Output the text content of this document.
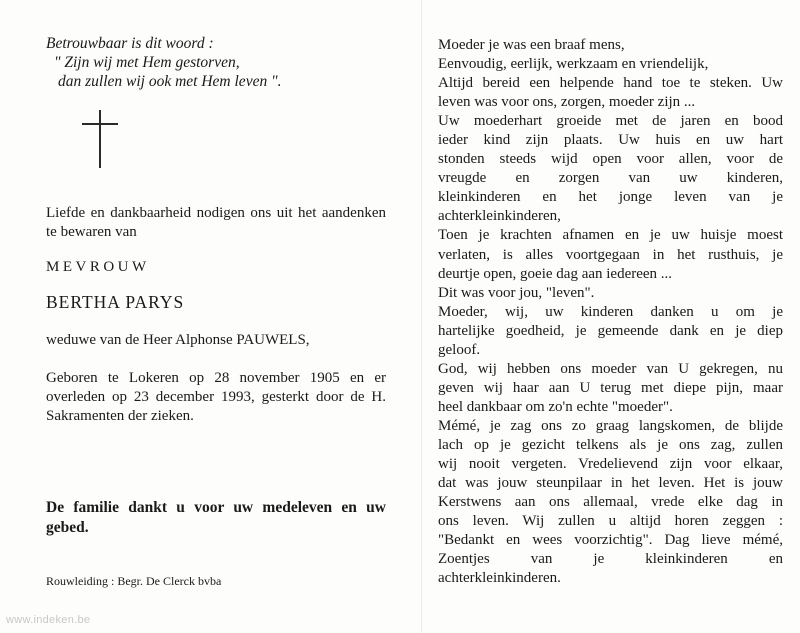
Betrouwbaar is dit woord :
" Zijn wij met Hem gestorven,
dan zullen wij ook met Hem leven ".
Liefde en dankbaarheid nodigen ons uit het aandenken te bewaren van
MEVROUW
BERTHA PARYS
weduwe van de Heer Alphonse PAUWELS,
Geboren te Lokeren op 28 november 1905 en er overleden op 23 december 1993, gesterkt door de H. Sakramenten der zieken.
De familie dankt u voor uw medeleven en uw gebed.
Rouwleiding : Begr. De Clerck bvba
Moeder je was een braaf mens,
Eenvoudig, eerlijk, werkzaam en vriendelijk,
Altijd bereid een helpende hand toe te steken. Uw
leven was voor ons, zorgen, moeder zijn ...
Uw moederhart groeide met de jaren en bood
ieder kind zijn plaats. Uw huis en uw hart
stonden steeds wijd open voor allen, voor de
vreugde en zorgen van uw kinderen,
kleinkinderen en het jonge leven van je
achterkleinkinderen,
Toen je krachten afnamen en je uw huisje moest
verlaten, is alles voortgegaan in het rusthuis, je
deurtje open, goeie dag aan iedereen ...
Dit was voor jou, "leven".
Moeder, wij, uw kinderen danken u om je
hartelijke goedheid, je gemeende dank en je diep
geloof.
God, wij hebben ons moeder van U gekregen, nu
geven wij haar aan U terug met diepe pijn, maar
heel dankbaar om zo'n echte "moeder".
Mémé, je zag ons zo graag langskomen, de blijde
lach op je gezicht telkens als je ons zag, zullen
wij nooit vergeten. Vredelievend zijn voor elkaar,
dat was jouw steunpilaar in het leven. Het is jouw
Kerstwens aan ons allemaal, vrede elke dag in
ons leven. Wij zullen u altijd horen zeggen :
"Bedankt en wees voorzichtig". Dag lieve mémé,
Zoentjes van je kleinkinderen en
achterkleinkinderen.
www.indeken.be
